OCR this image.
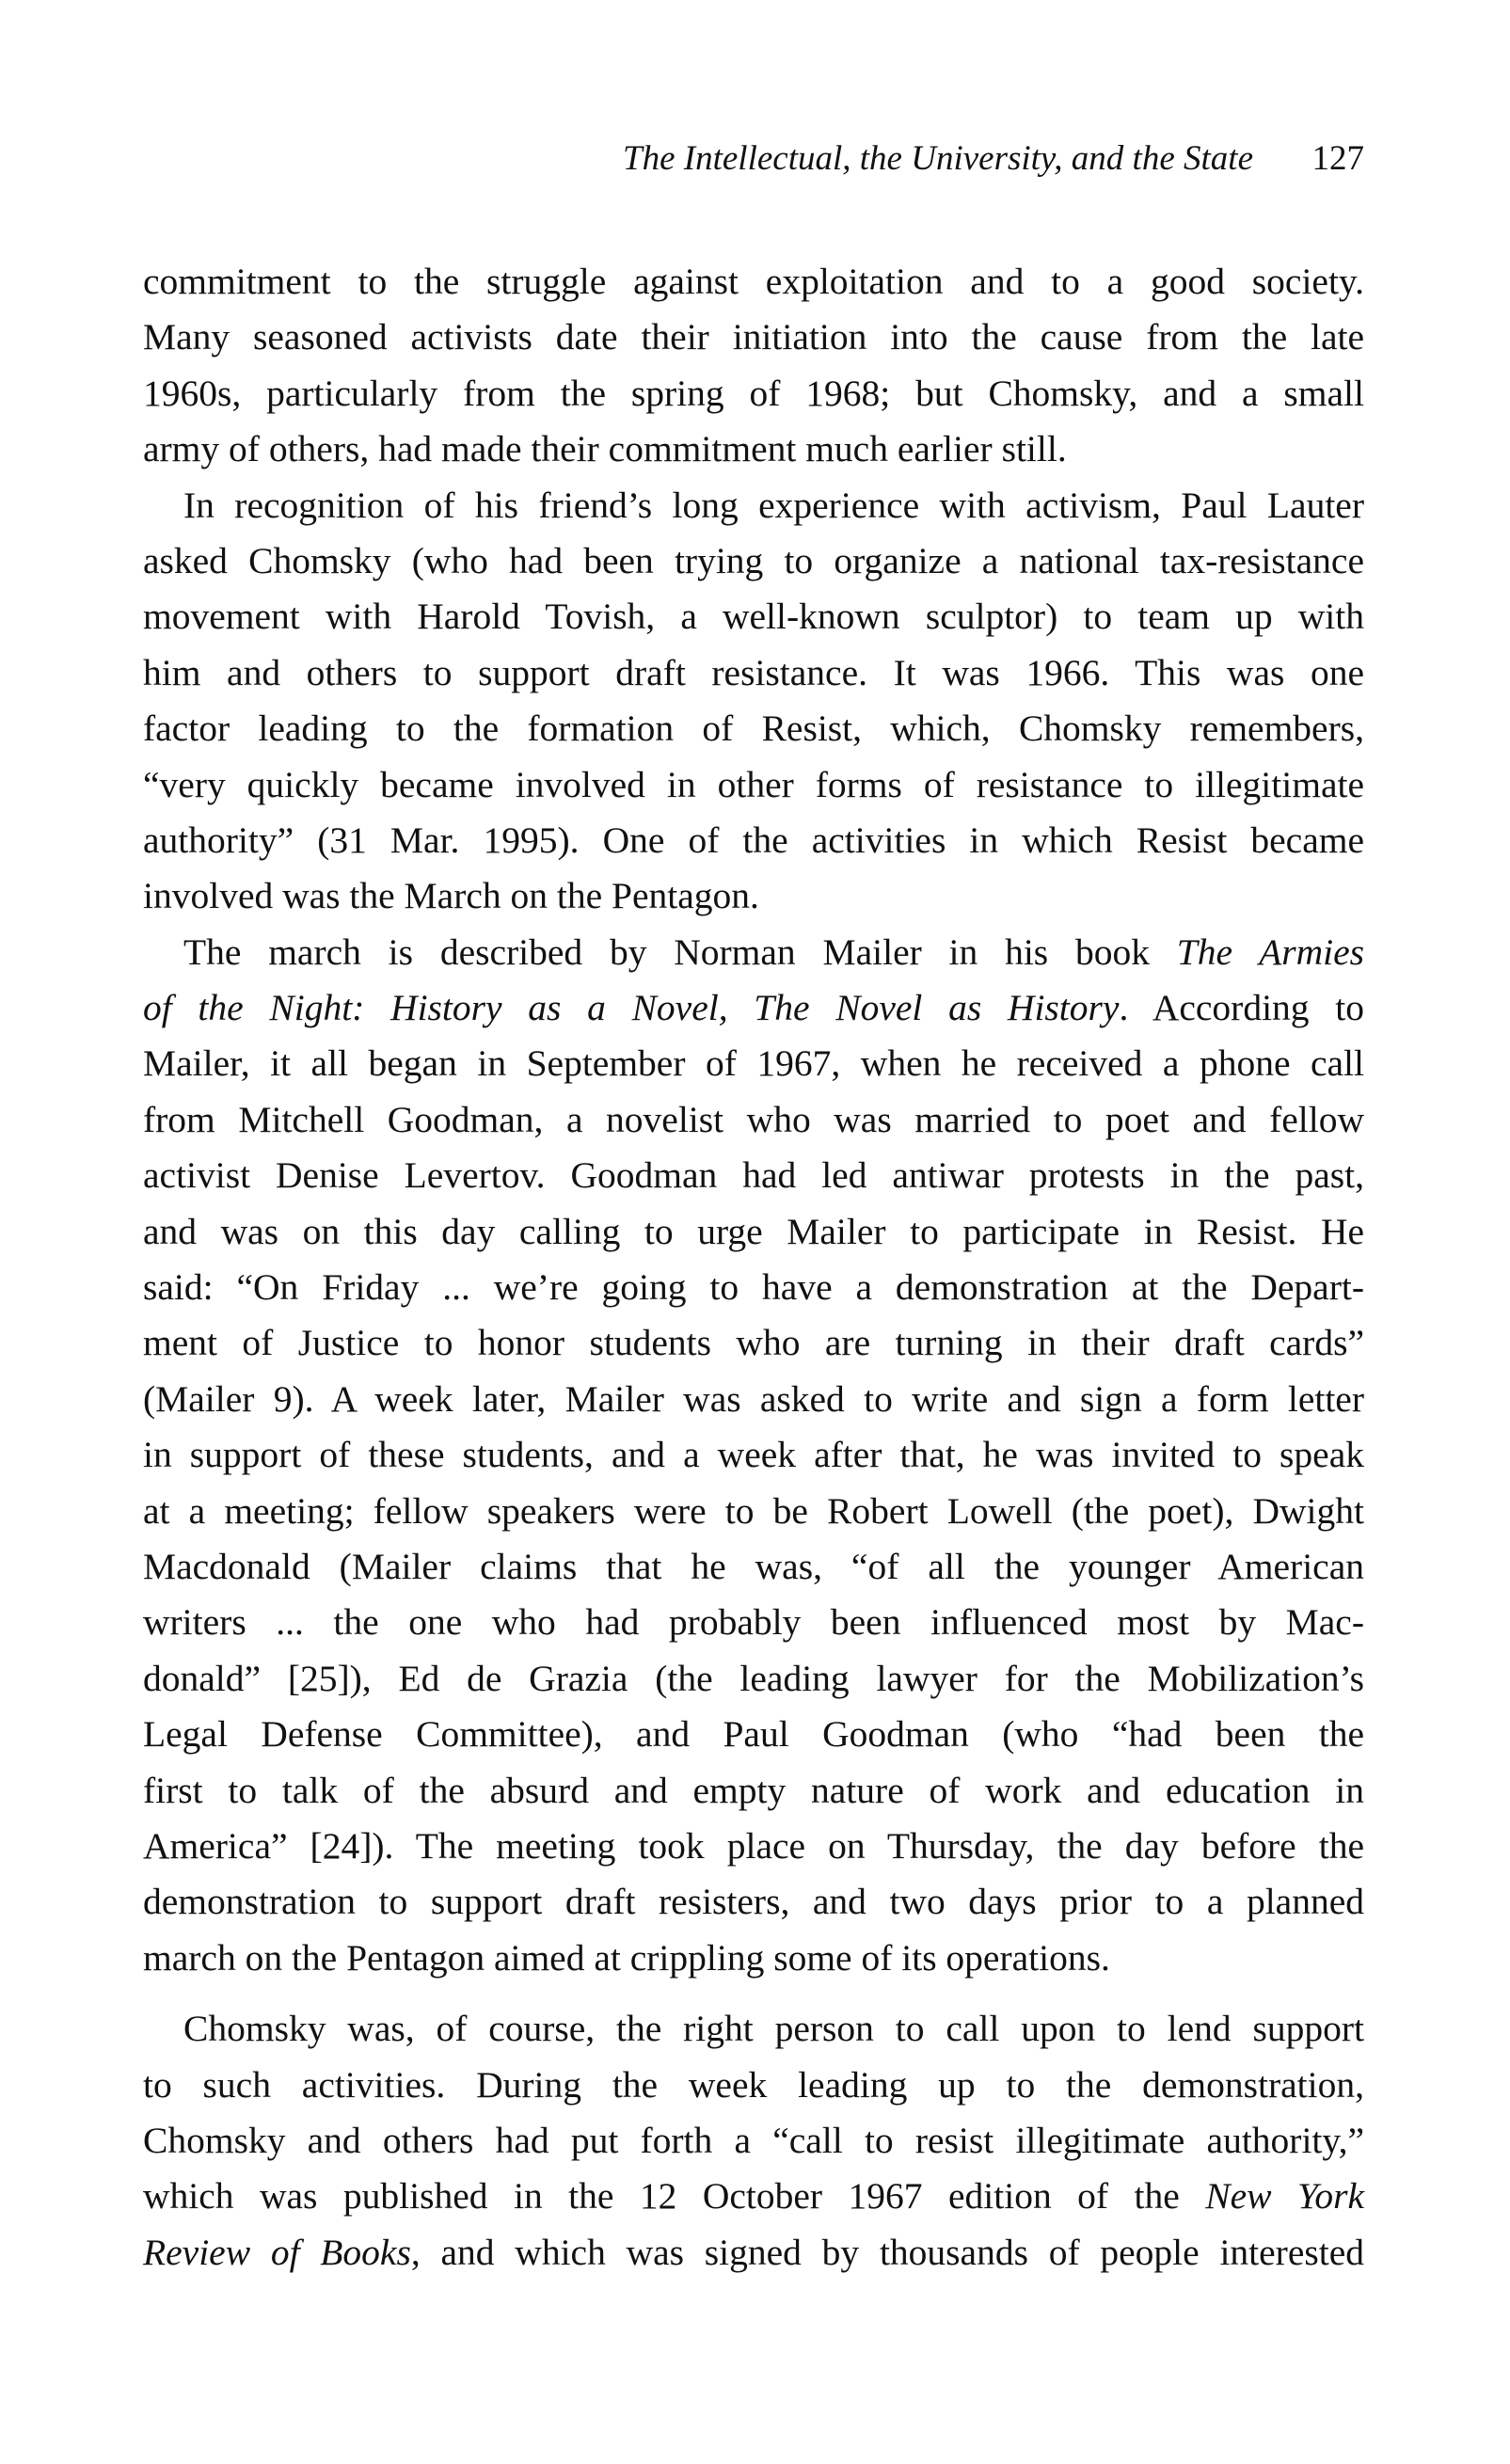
The Intellectual, the University, and the State 127
commitment to the struggle against exploitation and to a good society.
Many seasoned activists date their initiation into the cause from the late
1960s, particularly from the spring of 1968; but Chomsky, and a small
army of others, had made their commitment much earlier still.
In recognition of his friend’s long experience with activism, Paul Lauter
asked Chomsky (who had been trying to organize a national tax-resistance
movement with Harold Tovish, a well-known sculptor) to team up with
him and others to support draft resistance. It was 1966. This was one
factor leading to the formation of Resist, which, Chomsky remembers,
“very quickly became involved in other forms of resistance to illegitimate
authority” (31 Mar. 1995). One of the activities in which Resist became
involved was the March on the Pentagon.
The march is described by Norman Mailer in his book The Armies
of the Night: History as a Novel, The Novel as History. According to
Mailer, it all began in September of 1967, when he received a phone call
from Mitchell Goodman, a novelist who was married to poet and fellow
activist Denise Levertov. Goodman had led antiwar protests in the past,
and was on this day calling to urge Mailer to participate in Resist. He
said: “On Friday ... we’re going to have a demonstration at the Depart-
ment of Justice to honor students who are turning in their draft cards”
(Mailer 9). A week later, Mailer was asked to write and sign a form letter
in support of these students, and a week after that, he was invited to speak
at a meeting; fellow speakers were to be Robert Lowell (the poet), Dwight
Macdonald (Mailer claims that he was, “of all the younger American
writers ... the one who had probably been influenced most by Mac-
donald” [25]), Ed de Grazia (the leading lawyer for the Mobilization’s
Legal Defense Committee), and Paul Goodman (who “had been the
first to talk of the absurd and empty nature of work and education in
America” [24]). The meeting took place on Thursday, the day before the
demonstration to support draft resisters, and two days prior to a planned
march on the Pentagon aimed at crippling some of its operations.
Chomsky was, of course, the right person to call upon to lend support
to such activities. During the week leading up to the demonstration,
Chomsky and others had put forth a “call to resist illegitimate authority,”
which was published in the 12 October 1967 edition of the New York
Review of Books, and which was signed by thousands of people interested
